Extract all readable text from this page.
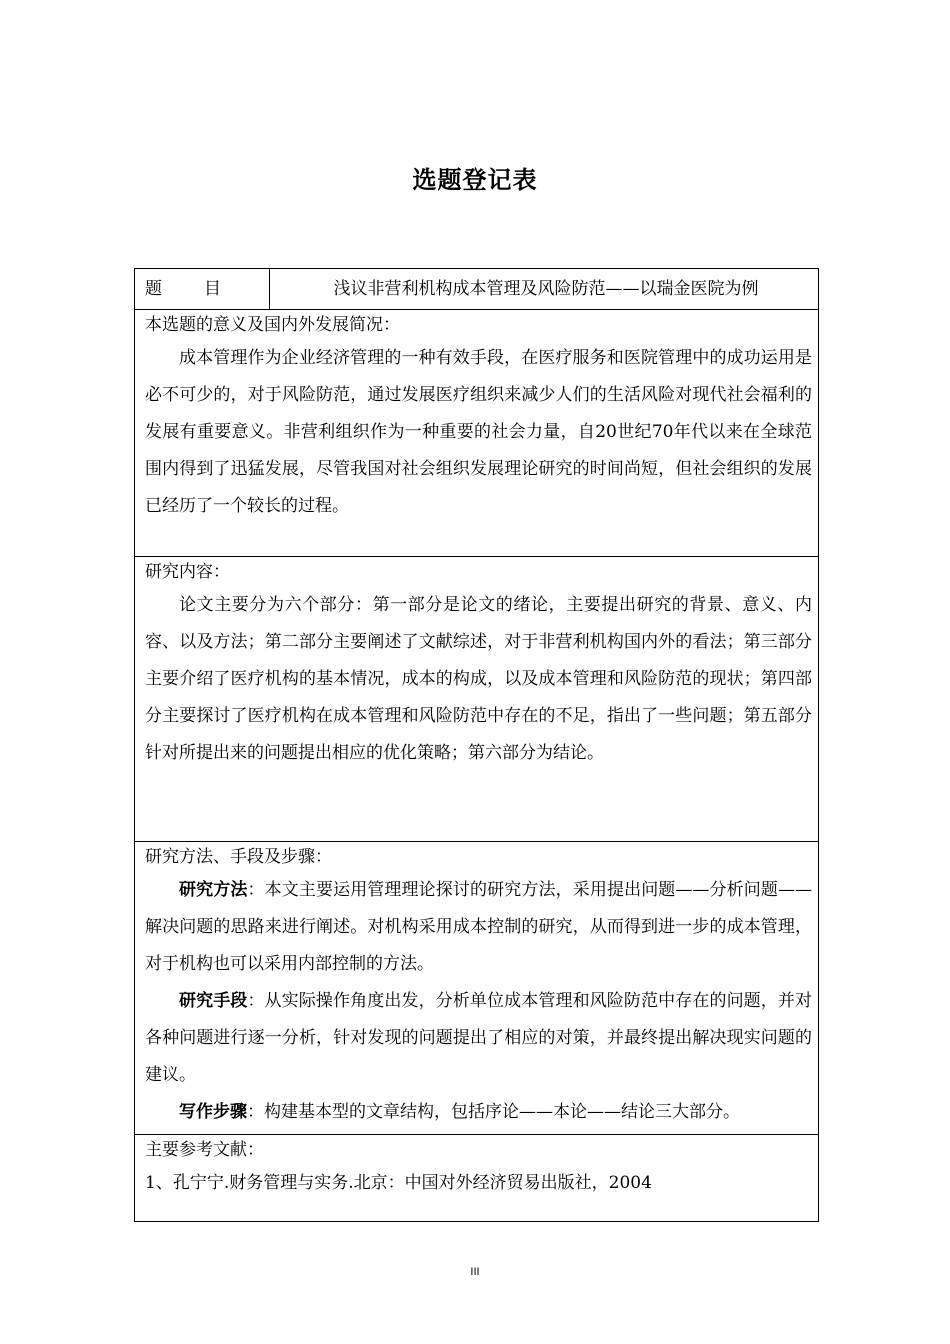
选题登记表
题 目	浅议非营利机构成本管理及风险防范——以瑞金医院为例

本选题的意义及国内外发展简况：

成本管理作为企业经济管理的一种有效手段，在医疗服务和医院管理中的成功运用是必不可少的，对于风险防范，通过发展医疗组织来减少人们的生活风险对现代社会福利的发展有重要意义。非营利组织作为一种重要的社会力量，自20世纪70年代以来在全球范围内得到了迅猛发展，尽管我国对社会组织发展理论研究的时间尚短，但社会组织的发展已经历了一个较长的过程。

研究内容：

论文主要分为六个部分：第一部分是论文的绪论，主要提出研究的背景、意义、内容、以及方法；第二部分主要阐述了文献综述，对于非营利机构国内外的看法；第三部分主要介绍了医疗机构的基本情况，成本的构成，以及成本管理和风险防范的现状；第四部分主要探讨了医疗机构在成本管理和风险防范中存在的不足，指出了一些问题；第五部分针对所提出来的问题提出相应的优化策略；第六部分为结论。

研究方法、手段及步骤：

研究方法：本文主要运用管理理论探讨的研究方法，采用提出问题——分析问题——解决问题的思路来进行阐述。对机构采用成本控制的研究，从而得到进一步的成本管理，对于机构也可以采用内部控制的方法。

研究手段：从实际操作角度出发，分析单位成本管理和风险防范中存在的问题，并对各种问题进行逐一分析，针对发现的问题提出了相应的对策，并最终提出解决现实问题的建议。

写作步骤：构建基本型的文章结构，包括序论——本论——结论三大部分。

主要参考文献：

1、孔宁宁.财务管理与实务.北京：中国对外经济贸易出版社，2004

III
